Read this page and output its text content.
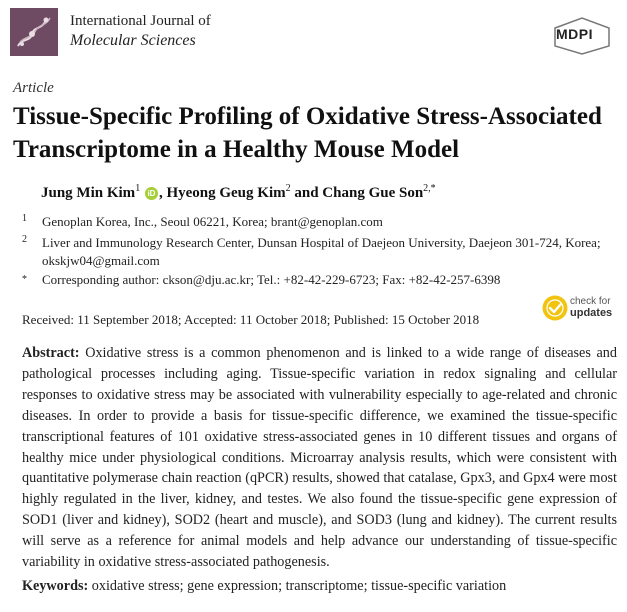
International Journal of
Molecular Sciences	MDPI
Article
Tissue-Specific Profiling of Oxidative Stress-Associated Transcriptome in a Healthy Mouse Model
Jung Min Kim$^1$ iD , Hyeong Geug Kim$^2$ and Chang Gue Son$^{2,*}$
1 Genoplan Korea, Inc., Seoul 06221, Korea; brant@genoplan.com
2 Liver and Immunology Research Center, Dunsan Hospital of Daejeon University, Daejeon 301-724, Korea;
okskjw04@gmail.com
* Corresponding author: ckson@dju.ac.kr; Tel.: +82-42-229-6723; Fax: +82-42-257-6398
Received: 11 September 2018; Accepted: 11 October 2018; Published: 15 October 2018
check for
updates
Abstract: Oxidative stress is a common phenomenon and is linked to a wide range of diseases and pathological processes including aging. Tissue-specific variation in redox signaling and cellular responses to oxidative stress may be associated with vulnerability especially to age-related and chronic diseases. In order to provide a basis for tissue-specific difference, we examined the tissue-specific transcriptional features of 101 oxidative stress-associated genes in 10 different tissues and organs of healthy mice under physiological conditions. Microarray analysis results, which were consistent with quantitative polymerase chain reaction (qPCR) results, showed that catalase, Gpx3, and Gpx4 were most highly regulated in the liver, kidney, and testes. We also found the tissue-specific gene expression of SOD1 (liver and kidney), SOD2 (heart and muscle), and SOD3 (lung and kidney). The current results will serve as a reference for animal models and help advance our understanding of tissue-specific variability in oxidative stress-associated pathogenesis.
Keywords: oxidative stress; gene expression; transcriptome; tissue-specific variation
